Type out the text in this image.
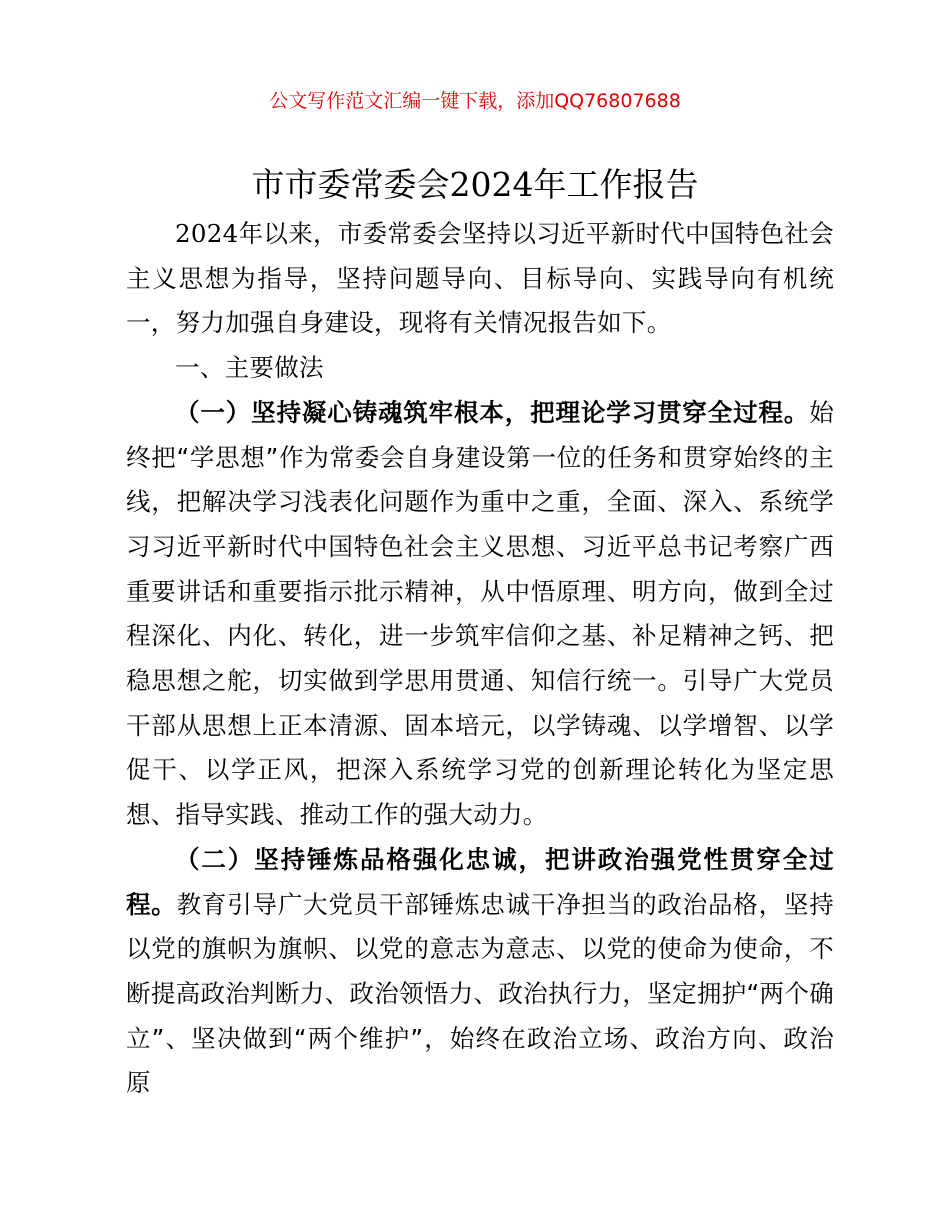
公文写作范文汇编一键下载，添加QQ76807688
市市委常委会2024年工作报告

2024年以来，市委常委会坚持以习近平新时代中国特色社会主义思想为指导，坚持问题导向、目标导向、实践导向有机统一，努力加强自身建设，现将有关情况报告如下。

一、主要做法

（一）坚持凝心铸魂筑牢根本，把理论学习贯穿全过程。始终把“学思想”作为常委会自身建设第一位的任务和贯穿始终的主线，把解决学习浅表化问题作为重中之重，全面、深入、系统学习习近平新时代中国特色社会主义思想、习近平总书记考察广西重要讲话和重要指示批示精神，从中悟原理、明方向，做到全过程深化、内化、转化，进一步筑牢信仰之基、补足精神之钙、把稳思想之舵，切实做到学思用贯通、知信行统一。引导广大党员干部从思想上正本清源、固本培元，以学铸魂、以学增智、以学促干、以学正风，把深入系统学习党的创新理论转化为坚定思想、指导实践、推动工作的强大动力。

（二）坚持锤炼品格强化忠诚，把讲政治强党性贯穿全过程。教育引导广大党员干部锤炼忠诚干净担当的政治品格，坚持以党的旗帜为旗帜、以党的意志为意志、以党的使命为使命，不断提高政治判断力、政治领悟力、政治执行力，坚定拥护“两个确立”、坚决做到“两个维护”，始终在政治立场、政治方向、政治原
